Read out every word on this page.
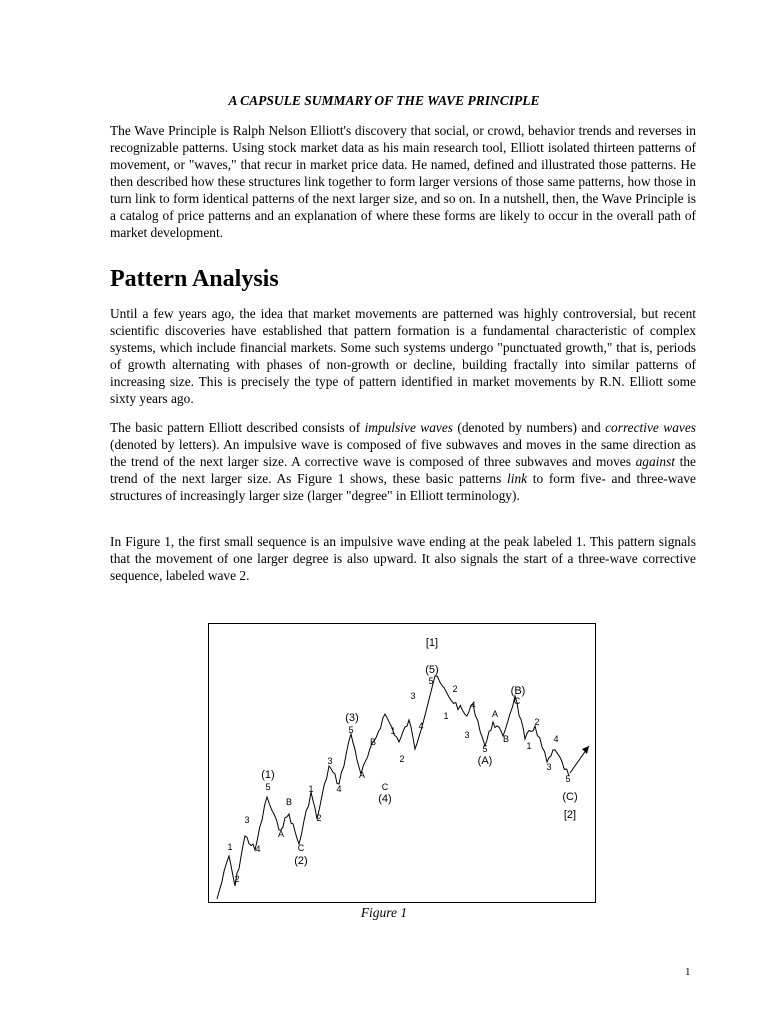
A CAPSULE SUMMARY OF THE WAVE PRINCIPLE

The Wave Principle is Ralph Nelson Elliott's discovery that social, or crowd, behavior trends and reverses in recognizable patterns. Using stock market data as his main research tool, Elliott isolated thirteen patterns of movement, or "waves," that recur in market price data. He named, defined and illustrated those patterns. He then described how these structures link together to form larger versions of those same patterns, how those in turn link to form identical patterns of the next larger size, and so on. In a nutshell, then, the Wave Principle is a catalog of price patterns and an explanation of where these forms are likely to occur in the overall path of market development.

Pattern Analysis

Until a few years ago, the idea that market movements are patterned was highly controversial, but recent scientific discoveries have established that pattern formation is a fundamental characteristic of complex systems, which include financial markets. Some such systems undergo "punctuated growth," that is, periods of growth alternating with phases of non-growth or decline, building fractally into similar patterns of increasing size. This is precisely the type of pattern identified in market movements by R.N. Elliott some sixty years ago.

The basic pattern Elliott described consists of impulsive waves (denoted by numbers) and corrective waves (denoted by letters). An impulsive wave is composed of five subwaves and moves in the same direction as the trend of the next larger size. A corrective wave is composed of three subwaves and moves against the trend of the next larger size. As Figure 1 shows, these basic patterns link to form five- and three-wave structures of increasingly larger size (larger "degree" in Elliott terminology).

In Figure 1, the first small sequence is an impulsive wave ending at the peak labeled 1. This pattern signals that the movement of one larger degree is also upward. It also signals the start of a three-wave corrective sequence, labeled wave 2.

1
2
3
4
5
(1)
A
B
C
(2)
1
2
3
4
5
(3)
A
B
C
(4)
1
2
3
4
5
(5)
[1]
1
2
3
4
5
(A)
A
B
C
(B)
1
2
3
4
5
(C)
[2]
Figure 1
1
